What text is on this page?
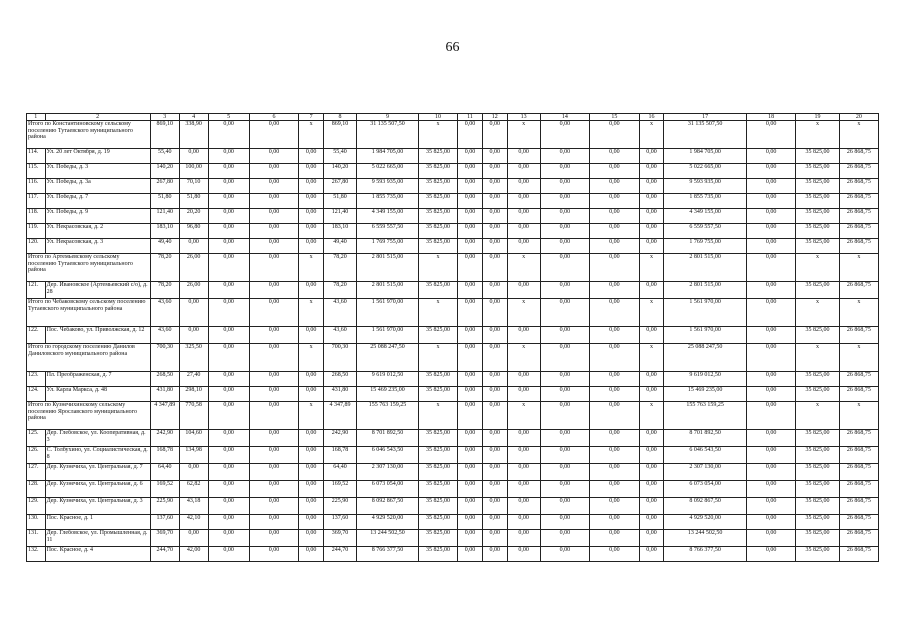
66
1	2	3	4	5	6	7	8	9	10	11	12	13	14	15	16	17	18	19	20
Итого по Константиновскому сельскому поселению Тутаевского муниципального района		869,10	338,90	0,00	0,00	x	869,10	31 135 507,50	x	0,00	0,00	x	0,00	0,00	x	31 135 507,50	0,00	x	x
114.	Ул. 20 лет Октября, д. 19	55,40	0,00	0,00	0,00	0,00	55,40	1 984 705,00	35 825,00	0,00	0,00	0,00	0,00	0,00	0,00	1 984 705,00	0,00	35 825,00	26 868,75
115.	Ул. Победы, д. 3	140,20	100,00	0,00	0,00	0,00	140,20	5 022 665,00	35 825,00	0,00	0,00	0,00	0,00	0,00	0,00	5 022 665,00	0,00	35 825,00	26 868,75
116.	Ул. Победы, д. 3а	267,80	70,10	0,00	0,00	0,00	267,80	9 593 935,00	35 825,00	0,00	0,00	0,00	0,00	0,00	0,00	9 593 935,00	0,00	35 825,00	26 868,75
117.	Ул. Победы, д. 7	51,80	51,80	0,00	0,00	0,00	51,80	1 855 735,00	35 825,00	0,00	0,00	0,00	0,00	0,00	0,00	1 855 735,00	0,00	35 825,00	26 868,75
118.	Ул. Победы, д. 9	121,40	20,20	0,00	0,00	0,00	121,40	4 349 155,00	35 825,00	0,00	0,00	0,00	0,00	0,00	0,00	4 349 155,00	0,00	35 825,00	26 868,75
119.	Ул. Некрасовская, д. 2	183,10	96,80	0,00	0,00	0,00	183,10	6 559 557,50	35 825,00	0,00	0,00	0,00	0,00	0,00	0,00	6 559 557,50	0,00	35 825,00	26 868,75
120.	Ул. Некрасовская, д. 3	49,40	0,00	0,00	0,00	0,00	49,40	1 769 755,00	35 825,00	0,00	0,00	0,00	0,00	0,00	0,00	1 769 755,00	0,00	35 825,00	26 868,75
Итого по Артемьевскому сельскому поселению Тутаевского муниципального района		78,20	26,00	0,00	0,00	x	78,20	2 801 515,00	x	0,00	0,00	x	0,00	0,00	x	2 801 515,00	0,00	x	x
121.	Дер. Ивановское (Артемьевский с/о), д. 28	78,20	26,00	0,00	0,00	0,00	78,20	2 801 515,00	35 825,00	0,00	0,00	0,00	0,00	0,00	0,00	2 801 515,00	0,00	35 825,00	26 868,75
Итого по Чебаковскому сельскому поселению Тутаевского муниципального района		43,60	0,00	0,00	0,00	x	43,60	1 561 970,00	x	0,00	0,00	x	0,00	0,00	x	1 561 970,00	0,00	x	x
122.	Пос. Чебаково, ул. Приволжская, д. 12	43,60	0,00	0,00	0,00	0,00	43,60	1 561 970,00	35 825,00	0,00	0,00	0,00	0,00	0,00	0,00	1 561 970,00	0,00	35 825,00	26 868,75
Итого по городскому поселению Данилов Даниловского муниципального района		700,30	325,50	0,00	0,00	x	700,30	25 088 247,50	x	0,00	0,00	x	0,00	0,00	x	25 088 247,50	0,00	x	x
123.	Пл. Преображенская, д. 7	268,50	27,40	0,00	0,00	0,00	268,50	9 619 012,50	35 825,00	0,00	0,00	0,00	0,00	0,00	0,00	9 619 012,50	0,00	35 825,00	26 868,75
124.	Ул. Карла Маркса, д. 48	431,80	298,10	0,00	0,00	0,00	431,80	15 469 235,00	35 825,00	0,00	0,00	0,00	0,00	0,00	0,00	15 469 235,00	0,00	35 825,00	26 868,75
Итого по Кузнечихинскому сельскому поселению Ярославского муниципального района		4 347,89	770,58	0,00	0,00	x	4 347,89	155 763 159,25	x	0,00	0,00	x	0,00	0,00	x	155 763 159,25	0,00	x	x
125.	Дер. Глебовское, ул. Кооперативная, д. 3	242,90	104,60	0,00	0,00	0,00	242,90	8 701 892,50	35 825,00	0,00	0,00	0,00	0,00	0,00	0,00	8 701 892,50	0,00	35 825,00	26 868,75
126.	С. Толбухино, ул. Социалистическая, д. 8	168,78	134,98	0,00	0,00	0,00	168,78	6 046 543,50	35 825,00	0,00	0,00	0,00	0,00	0,00	0,00	6 046 543,50	0,00	35 825,00	26 868,75
127.	Дер. Кузнечиха, ул. Центральная, д. 7	64,40	0,00	0,00	0,00	0,00	64,40	2 307 130,00	35 825,00	0,00	0,00	0,00	0,00	0,00	0,00	2 307 130,00	0,00	35 825,00	26 868,75
128.	Дер. Кузнечиха, ул. Центральная, д. 6	169,52	62,82	0,00	0,00	0,00	169,52	6 073 054,00	35 825,00	0,00	0,00	0,00	0,00	0,00	0,00	6 073 054,00	0,00	35 825,00	26 868,75
129.	Дер. Кузнечиха, ул. Центральная, д. 3	225,90	43,18	0,00	0,00	0,00	225,90	8 092 867,50	35 825,00	0,00	0,00	0,00	0,00	0,00	0,00	8 092 867,50	0,00	35 825,00	26 868,75
130.	Пос. Красное, д. 1	137,60	42,10	0,00	0,00	0,00	137,60	4 929 520,00	35 825,00	0,00	0,00	0,00	0,00	0,00	0,00	4 929 520,00	0,00	35 825,00	26 868,75
131.	Дер. Глебовское, ул. Промышленная, д. 11	369,70	0,00	0,00	0,00	0,00	369,70	13 244 502,50	35 825,00	0,00	0,00	0,00	0,00	0,00	0,00	13 244 502,50	0,00	35 825,00	26 868,75
132.	Пос. Красное, д. 4	244,70	42,00	0,00	0,00	0,00	244,70	8 766 377,50	35 825,00	0,00	0,00	0,00	0,00	0,00	0,00	8 766 377,50	0,00	35 825,00	26 868,75
